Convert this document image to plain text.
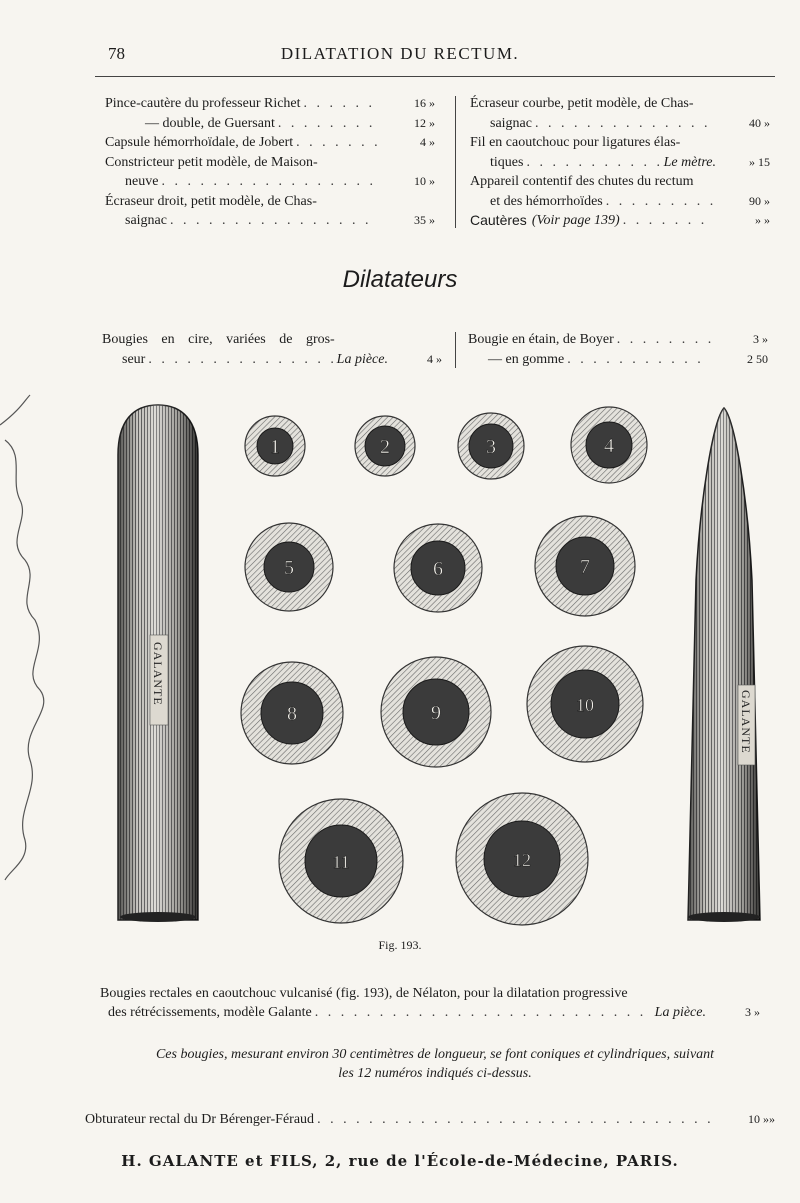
78	DILATATION DU RECTUM.
Pince-cautère du professeur Richet . . .	16 »
— double, de Guersant . . .	12 »
Capsule hémorrhoïdale, de Jobert . . .	4 »
Constricteur petit modèle, de Maison-
neuve . . .	10 »
Écraseur droit, petit modèle, de Chas-
saignac . . .	35 »
Écraseur courbe, petit modèle, de Chas-
saignac . . .	40 »
Fil en caoutchouc pour ligatures élas-
tiques . . .	Le mètre.	» 15
Appareil contentif des chutes du rectum
et des hémorrhoïdes . . .	90 »
Cautères (Voir page 139) . . .	» »
Dilatateurs
Bougies en cire, variées de gros-
seur . . .	La pièce.	4 »
Bougie en étain, de Boyer . . .	3 »
— en gomme . . .	2 50
GALANTE
GALANTE
1	2	3	4
5	6	7
8	9	10
11	12
Fig. 193.
Bougies rectales en caoutchouc vulcanisé (fig. 193), de Nélaton, pour la dilatation progressive
des rétrécissements, modèle Galante . . .	La pièce.	3 »
Ces bougies, mesurant environ 30 centimètres de longueur, se font coniques et cylindriques, suivant
les 12 numéros indiqués ci-dessus.
Obturateur rectal du Dr Bérenger-Féraud . . .	10 »»
H. GALANTE et FILS, 2, rue de l'École-de-Médecine, PARIS.
